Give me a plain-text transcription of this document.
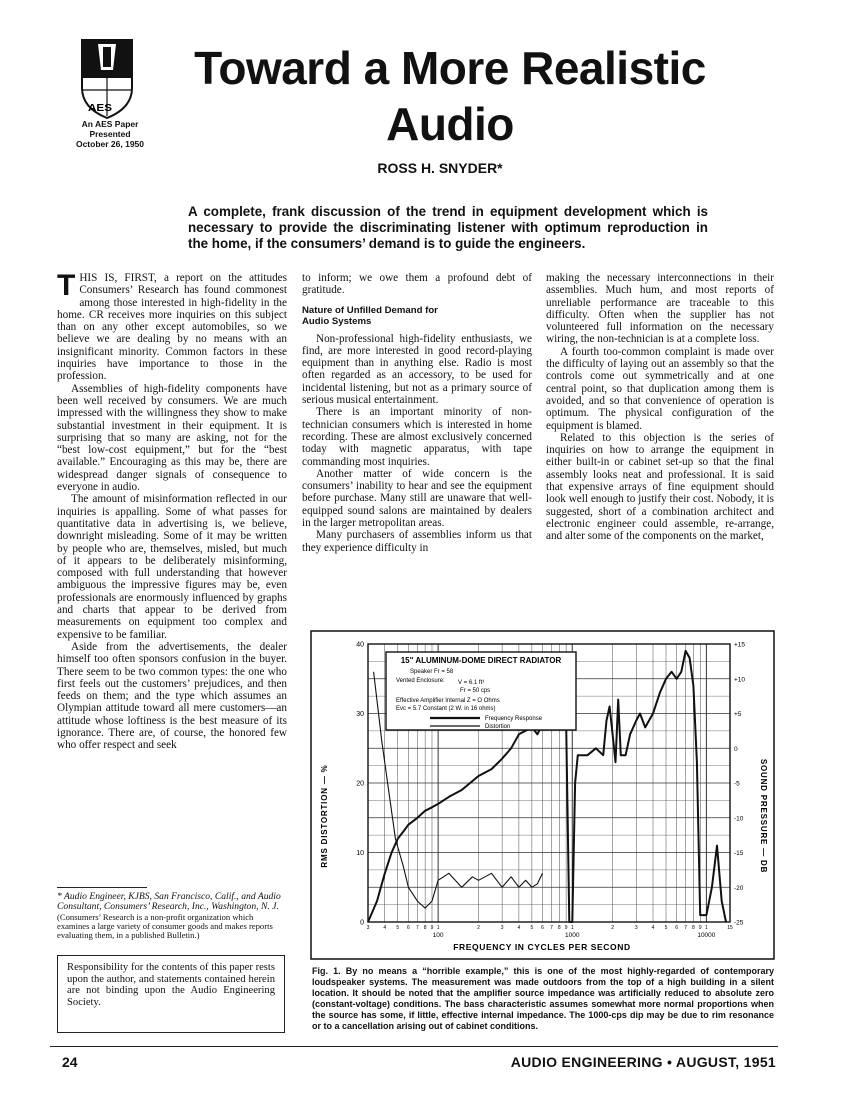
AES
An AES Paper
Presented
October 26, 1950
Toward a More Realistic
Audio
ROSS H. SNYDER*
A complete, frank discussion of the trend in equipment development which is necessary to provide the discriminating listener with optimum reproduction in the home, if the consumers’ demand is to guide the engineers.

THIS IS, FIRST, a report on the attitudes Consumers’ Research has found commonest among those interested in high-fidelity in the home. CR receives more inquiries on this subject than on any other except automobiles, so we believe we are dealing by no means with an insignificant minority. Common factors in these inquiries have importance to those in the profession.

Assemblies of high-fidelity components have been well received by consumers. We are much impressed with the willingness they show to make substantial investment in their equipment. It is surprising that so many are asking, not for the “best low-cost equipment,” but for the “best available.” Encouraging as this may be, there are widespread danger signals of consequence to everyone in audio.

The amount of misinformation reflected in our inquiries is appalling. Some of what passes for quantitative data in advertising is, we believe, downright misleading. Some of it may be written by people who are, themselves, misled, but much of it appears to be deliberately misinforming, composed with full understanding that however ambiguous the impressive figures may be, even professionals are enormously influenced by graphs and charts that appear to be derived from measurements on equipment too complex and expensive to be familiar.

Aside from the advertisements, the dealer himself too often sponsors confusion in the buyer. There seem to be two common types: the one who first feels out the customers’ prejudices, and then feeds on them; and the type which assumes an Olympian attitude toward all mere customers—an attitude whose loftiness is the best measure of its ignorance. There are, of course, the honored few who offer respect and seek

to inform; we owe them a profound debt of gratitude.

Nature of Unfilled Demand for
Audio Systems

Non-professional high-fidelity enthusiasts, we find, are more interested in good record-playing equipment than in anything else. Radio is most often regarded as an accessory, to be used for incidental listening, but not as a primary source of serious musical entertainment.

There is an important minority of non-technician consumers which is interested in home recording. These are almost exclusively concerned today with magnetic apparatus, with tape commanding most inquiries.

Another matter of wide concern is the consumers’ inability to hear and see the equipment before purchase. Many still are unaware that well-equipped sound salons are maintained by dealers in the larger metropolitan areas.

Many purchasers of assemblies inform us that they experience difficulty in

making the necessary interconnections in their assemblies. Much hum, and most reports of unreliable performance are traceable to this difficulty. Often when the supplier has not volunteered full information on the necessary wiring, the non-technician is at a complete loss.

A fourth too-common complaint is made over the difficulty of laying out an assembly so that the controls come out symmetrically and at one central point, so that duplication among them is avoided, and so that convenience of operation is optimum. The physical configuration of the equipment is blamed.

Related to this objection is the series of inquiries on how to arrange the equipment in either built-in or cabinet set-up so that the final assembly looks neat and professional. It is said that expensive arrays of fine equipment should look well enough to justify their cost. Nobody, it is suggested, short of a combination architect and electronic engineer could assemble, re-arrange, and alter some of the components on the market,

* Audio Engineer, KJBS, San Francisco, Calif., and Audio Consultant, Consumers’ Research, Inc., Washington, N. J.
(Consumers’ Research is a non-profit organization which examines a large variety of consumer goods and makes reports evaluating them, in a published Bulletin.)
Responsibility for the contents of this paper rests upon the author, and statements contained herein are not binding upon the Audio Engineering Society.
3	4 5 6 7 8 9 1	2	3	4 5 6 7 8 9 1	2	3	4 5 6 7 8 9 1	15
100	1000	10000
0
10
20
30
40	+15
+10
+5
0
-5
-10
-15
-20
-25
15" ALUMINUM-DOME DIRECT RADIATOR
Speaker Fr = 58
Vented Enclosure: V = 6.1 ft³
Fr = 50 cps
Effective Amplifier Internal Z = O Ohms
Evc = 5.7 Constant (2 W. in 16 ohms)
Frequency Response
Distortion
FREQUENCY IN CYCLES PER SECOND
RMS DISTORTION — %	SOUND PRESSURE — DB
Fig. 1. By no means a “horrible example,” this is one of the most highly-regarded of contemporary loudspeaker systems. The measurement was made outdoors from the top of a high building in a silent location. It should be noted that the amplifier source impedance was artificially reduced to absolute zero (constant-voltage) conditions. The bass characteristic assumes somewhat more normal proportions when the source has some, if little, effective internal impedance. The 1000-cps dip may be due to rim resonance or to a cancellation arising out of cabinet conditions.
24	AUDIO ENGINEERING • AUGUST, 1951
